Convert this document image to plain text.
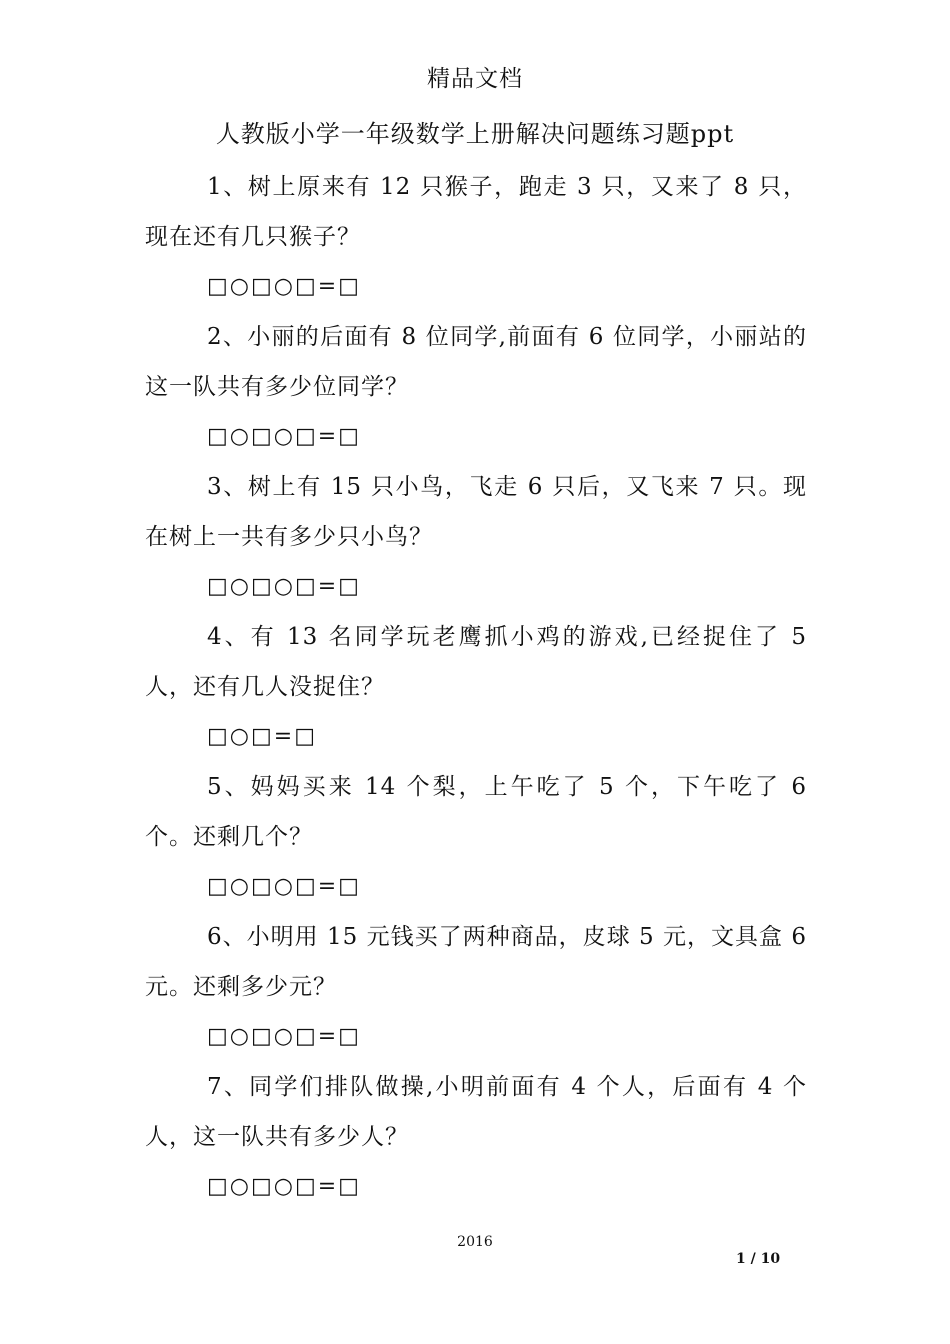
精品文档
人教版小学一年级数学上册解决问题练习题ppt

1、树上原来有 12 只猴子，跑走 3 只，又来了 8 只，现在还有几只猴子？

□○□○□=□

2、小丽的后面有 8 位同学,前面有 6 位同学，小丽站的这一队共有多少位同学？

□○□○□=□

3、树上有 15 只小鸟，飞走 6 只后，又飞来 7 只。现在树上一共有多少只小鸟？

□○□○□=□

4、有 13 名同学玩老鹰抓小鸡的游戏,已经捉住了 5 人，还有几人没捉住？

□○□=□

5、妈妈买来 14 个梨，上午吃了 5 个，下午吃了 6 个。还剩几个？

□○□○□=□

6、小明用 15 元钱买了两种商品，皮球 5 元，文具盒 6 元。还剩多少元？

□○□○□=□

7、同学们排队做操,小明前面有 4 个人，后面有 4 个人，这一队共有多少人？

□○□○□=□

2016
1 / 10
